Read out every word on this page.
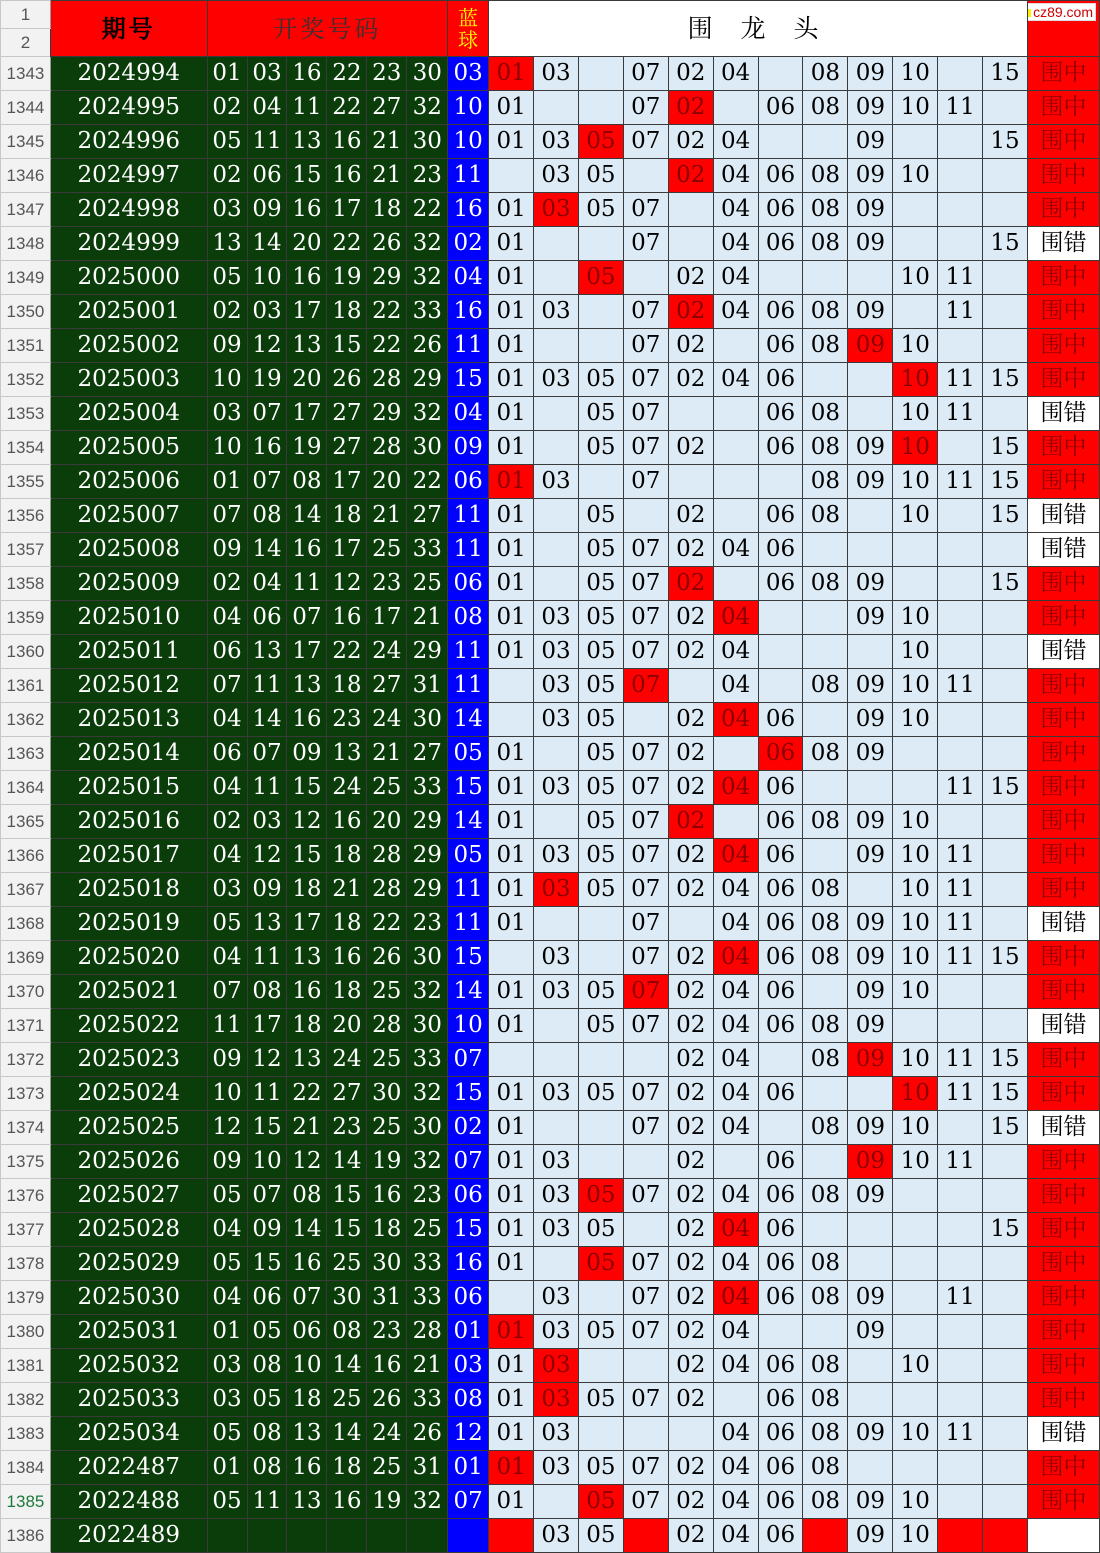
1	期号	开奖号码						蓝球	围 龙 头												cz89.com

2																					
1343	2024994	01	03	16	22	23	30	03	01	03		07	02	04		08	09	10		15	围中
1344	2024995	02	04	11	22	27	32	10	01			07	02		06	08	09	10	11		围中
1345	2024996	05	11	13	16	21	30	10	01	03	05	07	02	04			09			15	围中
1346	2024997	02	06	15	16	21	23	11		03	05		02	04	06	08	09	10			围中
1347	2024998	03	09	16	17	18	22	16	01	03	05	07		04	06	08	09				围中
1348	2024999	13	14	20	22	26	32	02	01			07		04	06	08	09			15	围错
1349	2025000	05	10	16	19	29	32	04	01		05		02	04				10	11		围中
1350	2025001	02	03	17	18	22	33	16	01	03		07	02	04	06	08	09		11		围中
1351	2025002	09	12	13	15	22	26	11	01			07	02		06	08	09	10			围中
1352	2025003	10	19	20	26	28	29	15	01	03	05	07	02	04	06			10	11	15	围中
1353	2025004	03	07	17	27	29	32	04	01		05	07			06	08		10	11		围错
1354	2025005	10	16	19	27	28	30	09	01		05	07	02		06	08	09	10		15	围中
1355	2025006	01	07	08	17	20	22	06	01	03		07				08	09	10	11	15	围中
1356	2025007	07	08	14	18	21	27	11	01		05		02		06	08		10		15	围错
1357	2025008	09	14	16	17	25	33	11	01		05	07	02	04	06						围错
1358	2025009	02	04	11	12	23	25	06	01		05	07	02		06	08	09			15	围中
1359	2025010	04	06	07	16	17	21	08	01	03	05	07	02	04			09	10			围中
1360	2025011	06	13	17	22	24	29	11	01	03	05	07	02	04				10			围错
1361	2025012	07	11	13	18	27	31	11		03	05	07		04		08	09	10	11		围中
1362	2025013	04	14	16	23	24	30	14		03	05		02	04	06		09	10			围中
1363	2025014	06	07	09	13	21	27	05	01		05	07	02		06	08	09				围中
1364	2025015	04	11	15	24	25	33	15	01	03	05	07	02	04	06				11	15	围中
1365	2025016	02	03	12	16	20	29	14	01		05	07	02		06	08	09	10			围中
1366	2025017	04	12	15	18	28	29	05	01	03	05	07	02	04	06		09	10	11		围中
1367	2025018	03	09	18	21	28	29	11	01	03	05	07	02	04	06	08		10	11		围中
1368	2025019	05	13	17	18	22	23	11	01			07		04	06	08	09	10	11		围错
1369	2025020	04	11	13	16	26	30	15		03		07	02	04	06	08	09	10	11	15	围中
1370	2025021	07	08	16	18	25	32	14	01	03	05	07	02	04	06		09	10			围中
1371	2025022	11	17	18	20	28	30	10	01		05	07	02	04	06	08	09				围错
1372	2025023	09	12	13	24	25	33	07					02	04		08	09	10	11	15	围中
1373	2025024	10	11	22	27	30	32	15	01	03	05	07	02	04	06			10	11	15	围中
1374	2025025	12	15	21	23	25	30	02	01			07	02	04		08	09	10		15	围错
1375	2025026	09	10	12	14	19	32	07	01	03			02		06		09	10	11		围中
1376	2025027	05	07	08	15	16	23	06	01	03	05	07	02	04	06	08	09				围中
1377	2025028	04	09	14	15	18	25	15	01	03	05		02	04	06					15	围中
1378	2025029	05	15	16	25	30	33	16	01		05	07	02	04	06	08					围中
1379	2025030	04	06	07	30	31	33	06		03		07	02	04	06	08	09		11		围中
1380	2025031	01	05	06	08	23	28	01	01	03	05	07	02	04			09				围中
1381	2025032	03	08	10	14	16	21	03	01	03			02	04	06	08		10			围中
1382	2025033	03	05	18	25	26	33	08	01	03	05	07	02		06	08					围中
1383	2025034	05	08	13	14	24	26	12	01	03				04	06	08	09	10	11		围错
1384	2022487	01	08	16	18	25	31	01	01	03	05	07	02	04	06	08					围中
1385	2022488	05	11	13	16	19	32	07	01		05	07	02	04	06	08	09	10			围中
1386	2022489									03	05		02	04	06		09	10			
